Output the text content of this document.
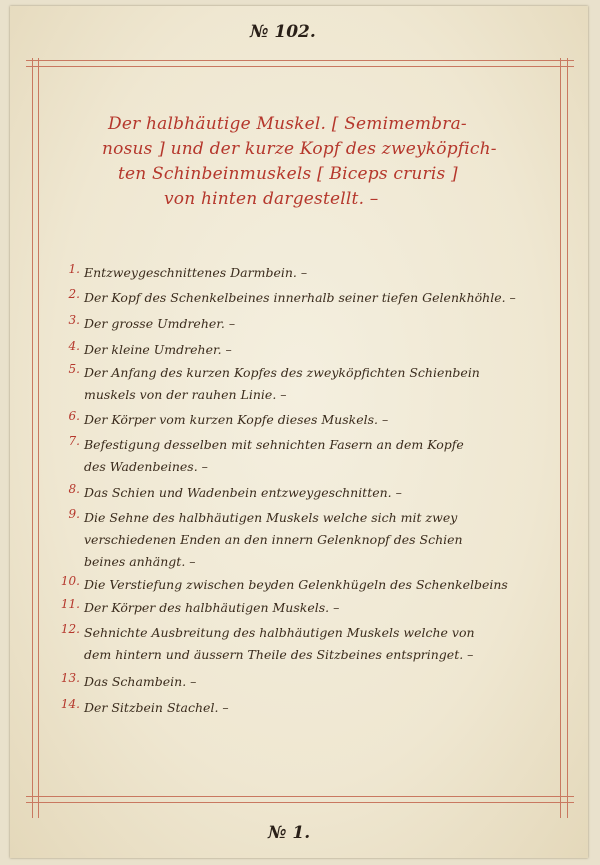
№ 102.
Der halbhäutige Muskel. [ Semimembra-
nosus ] und der kurze Kopf des zweyköpfich-
ten Schinbeinmuskels [ Biceps cruris ]
von hinten dargestellt. –
1. Entzweygeschnittenes Darmbein. –
2. Der Kopf des Schenkelbeines innerhalb seiner tiefen Gelenkhöhle. –
3. Der grosse Umdreher. –
4. Der kleine Umdreher. –
5. Der Anfang des kurzen Kopfes des zweyköpfichten Schienbein
muskels von der rauhen Linie. –
6. Der Körper vom kurzen Kopfe dieses Muskels. –
7. Befestigung desselben mit sehnichten Fasern an dem Kopfe
des Wadenbeines. –
8. Das Schien und Wadenbein entzweygeschnitten. –
9. Die Sehne des halbhäutigen Muskels welche sich mit zwey
verschiedenen Enden an den innern Gelenknopf des Schien
beines anhängt. –
10. Die Verstiefung zwischen beyden Gelenkhügeln des Schenkelbeins
11. Der Körper des halbhäutigen Muskels. –
12. Sehnichte Ausbreitung des halbhäutigen Muskels welche von
dem hintern und äussern Theile des Sitzbeines entspringet. –
13. Das Schambein. –
14. Der Sitzbein Stachel. –
№ 1.
